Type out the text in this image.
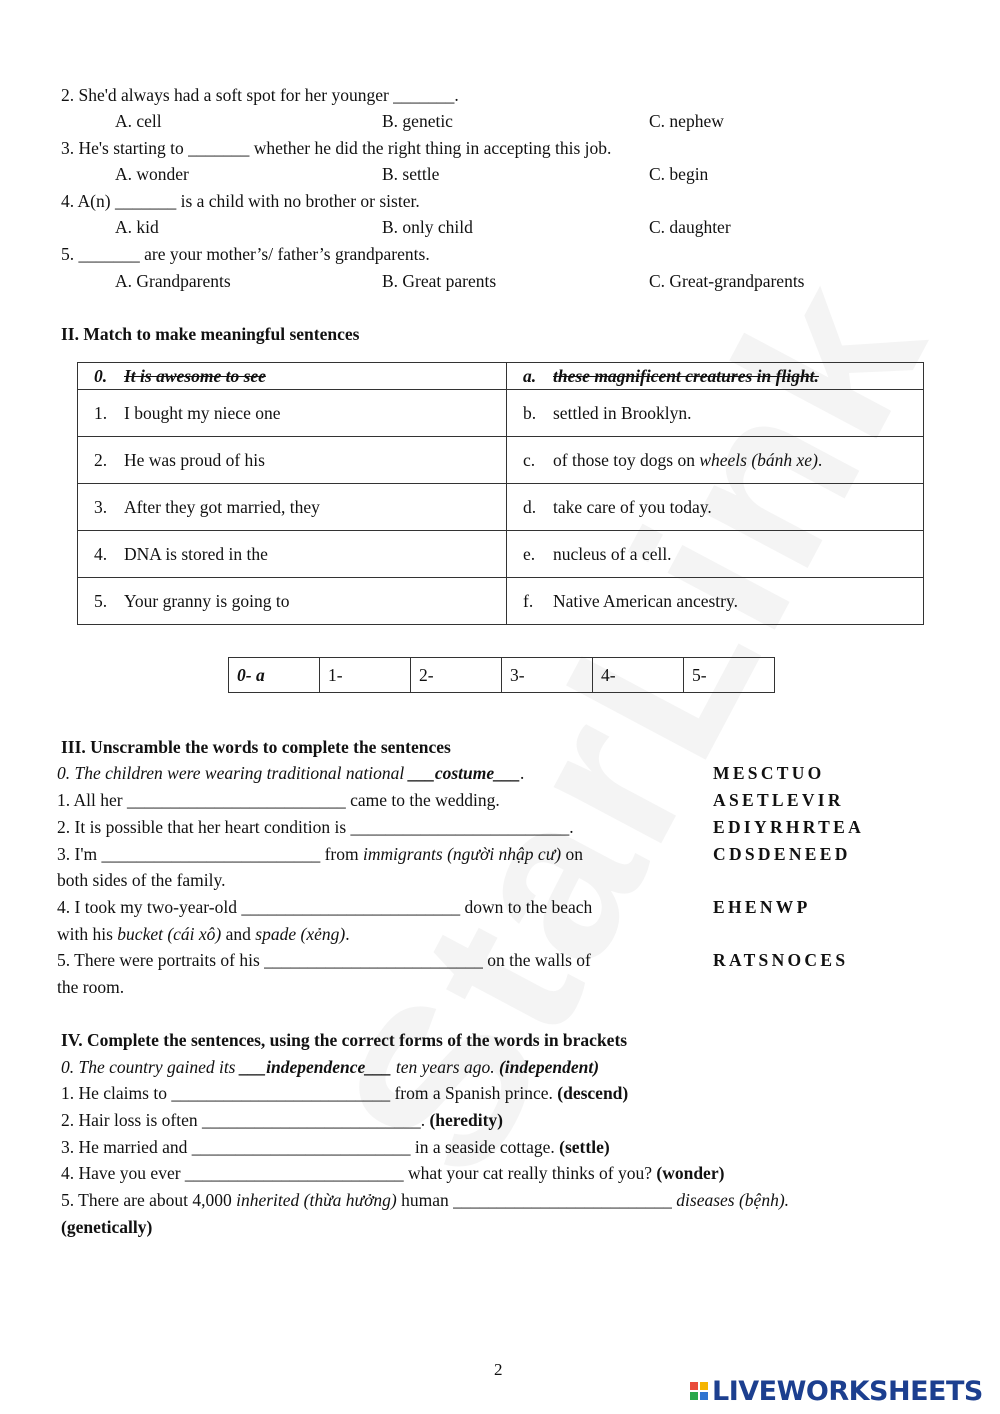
2. She'd always had a soft spot for her younger _______.
A. cell	B. genetic	C. nephew
3. He's starting to _______ whether he did the right thing in accepting this job.
A. wonder	B. settle	C. begin
4. A(n) _______ is a child with no brother or sister.
A. kid	B. only child	C. daughter
5. _______ are your mother’s/ father’s grandparents.
A. Grandparents	B. Great parents	C. Great-grandparents
II. Match to make meaningful sentences
0. It is awesome to see	a. these magnificent creatures in flight.
1. I bought my niece one	b. settled in Brooklyn.
2. He was proud of his	c. of those toy dogs on wheels (bánh xe).
3. After they got married, they	d. take care of you today.
4. DNA is stored in the	e. nucleus of a cell.
5. Your granny is going to	f. Native American ancestry.
0- a	1-	2-	3-	4-	5-
III. Unscramble the words to complete the sentences
0. The children were wearing traditional national ___costume___.	MESCTUO
1. All her _________________________ came to the wedding.	ASETLEVIR
2. It is possible that her heart condition is _________________________.	EDIYRHRTEA
3. I'm _________________________ from immigrants (người nhập cư) on	CDSDENEED
both sides of the family.
4. I took my two-year-old _________________________ down to the beach	EHENWP
with his bucket (cái xô) and spade (xẻng).
5. There were portraits of his _________________________ on the walls of	RATSNOCES
the room.
IV. Complete the sentences, using the correct forms of the words in brackets
0. The country gained its ___independence___ ten years ago. (independent)
1. He claims to _________________________ from a Spanish prince. (descend)
2. Hair loss is often _________________________. (heredity)
3. He married and _________________________ in a seaside cottage. (settle)
4. Have you ever _________________________ what your cat really thinks of you? (wonder)
5. There are about 4,000 inherited (thừa hưởng) human _________________________ diseases (bệnh).
(genetically)
2
LIVEWORKSHEETS
